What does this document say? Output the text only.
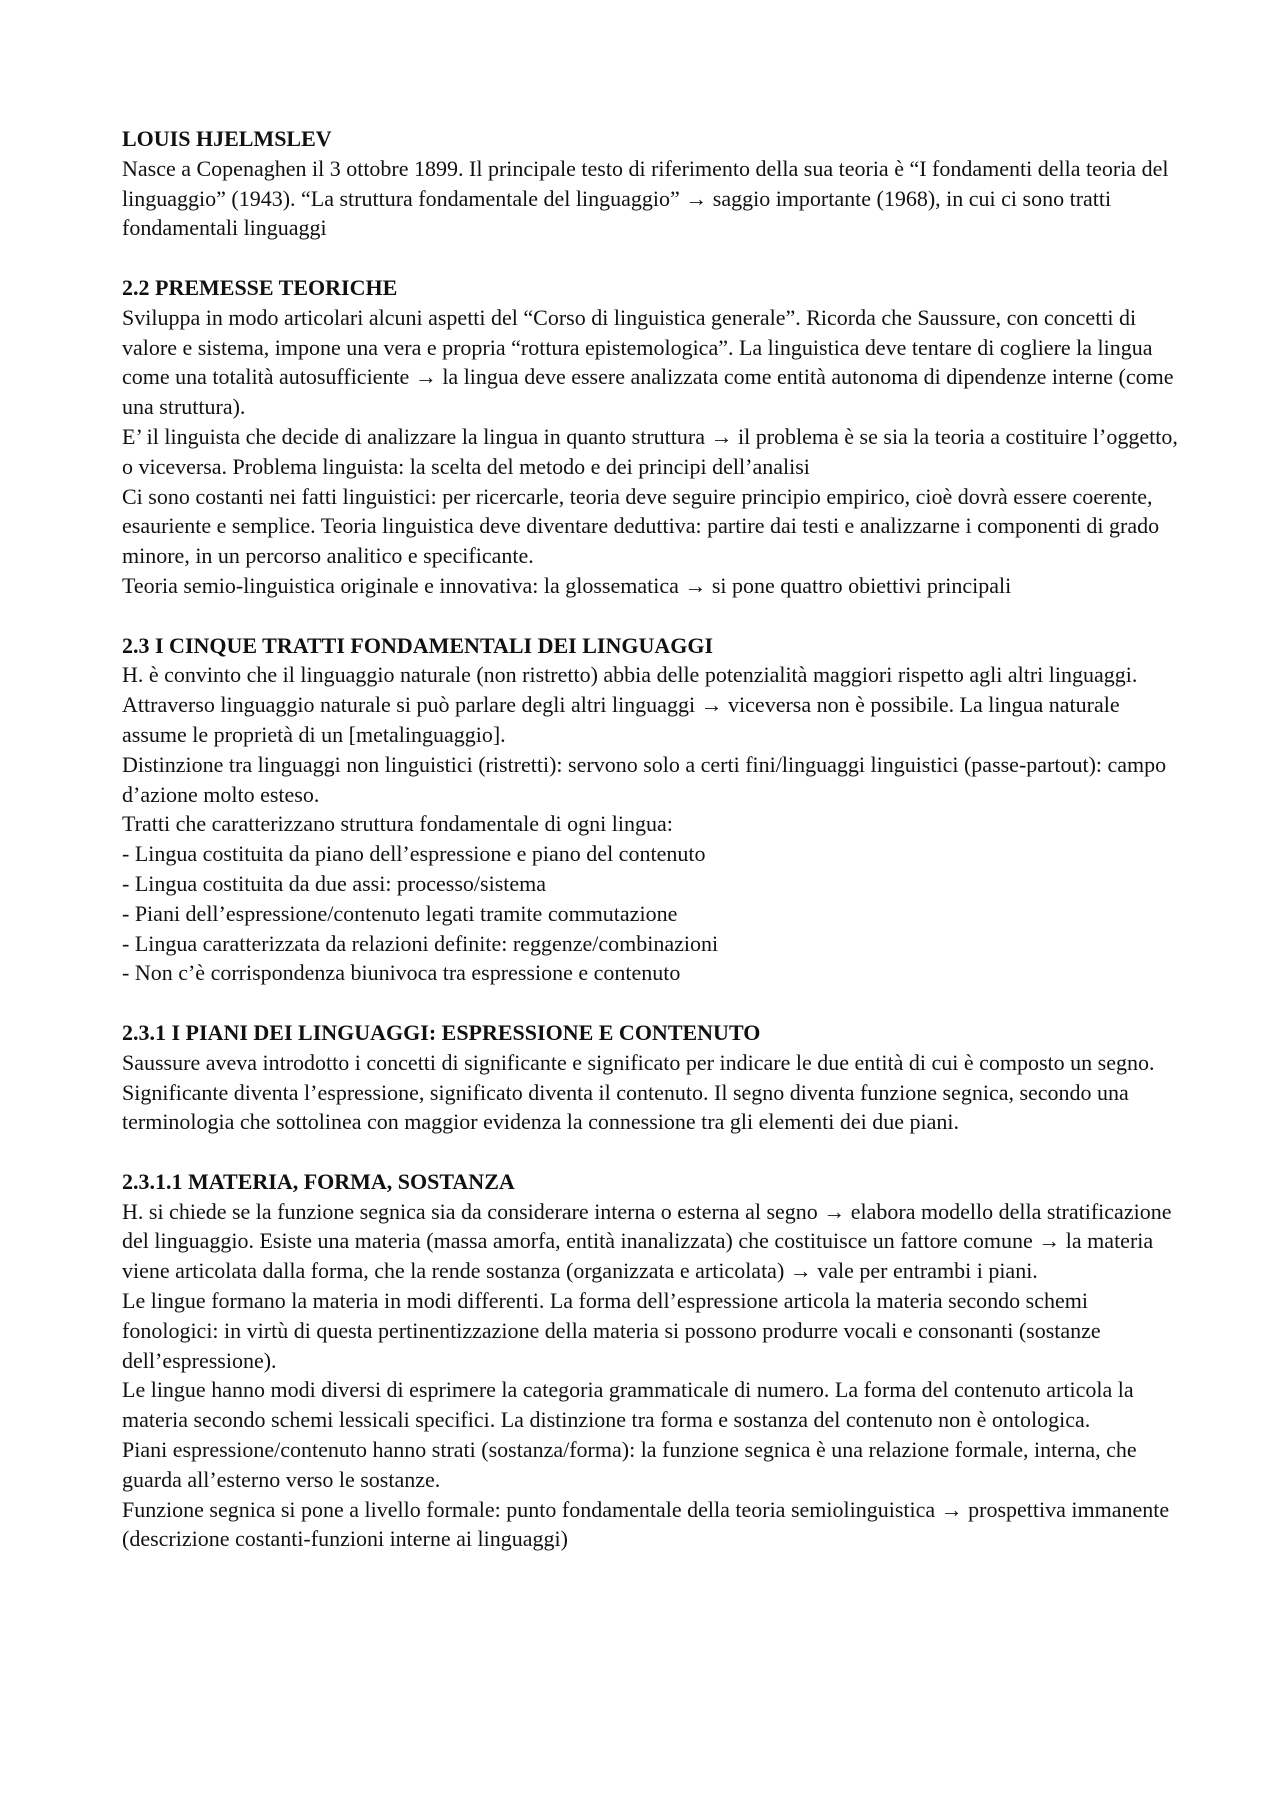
LOUIS HJELMSLEV

Nasce a Copenaghen il 3 ottobre 1899. Il principale testo di riferimento della sua teoria è “I fondamenti della teoria del linguaggio” (1943). “La struttura fondamentale del linguaggio” → saggio importante (1968), in cui ci sono tratti fondamentali linguaggi

2.2 PREMESSE TEORICHE

Sviluppa in modo articolari alcuni aspetti del “Corso di linguistica generale”. Ricorda che Saussure, con concetti di valore e sistema, impone una vera e propria “rottura epistemologica”. La linguistica deve tentare di cogliere la lingua come una totalità autosufficiente → la lingua deve essere analizzata come entità autonoma di dipendenze interne (come una struttura).

E’ il linguista che decide di analizzare la lingua in quanto struttura → il problema è se sia la teoria a costituire l’oggetto, o viceversa. Problema linguista: la scelta del metodo e dei principi dell’analisi

Ci sono costanti nei fatti linguistici: per ricercarle, teoria deve seguire principio empirico, cioè dovrà essere coerente, esauriente e semplice. Teoria linguistica deve diventare deduttiva: partire dai testi e analizzarne i componenti di grado minore, in un percorso analitico e specificante.

Teoria semio-linguistica originale e innovativa: la glossematica → si pone quattro obiettivi principali

2.3 I CINQUE TRATTI FONDAMENTALI DEI LINGUAGGI

H. è convinto che il linguaggio naturale (non ristretto) abbia delle potenzialità maggiori rispetto agli altri linguaggi. Attraverso linguaggio naturale si può parlare degli altri linguaggi → viceversa non è possibile. La lingua naturale assume le proprietà di un [metalinguaggio].

Distinzione tra linguaggi non linguistici (ristretti): servono solo a certi fini/linguaggi linguistici (passe-partout): campo d’azione molto esteso.

Tratti che caratterizzano struttura fondamentale di ogni lingua:

- Lingua costituita da piano dell’espressione e piano del contenuto

- Lingua costituita da due assi: processo/sistema

- Piani dell’espressione/contenuto legati tramite commutazione

- Lingua caratterizzata da relazioni definite: reggenze/combinazioni

- Non c’è corrispondenza biunivoca tra espressione e contenuto

2.3.1 I PIANI DEI LINGUAGGI: ESPRESSIONE E CONTENUTO

Saussure aveva introdotto i concetti di significante e significato per indicare le due entità di cui è composto un segno. Significante diventa l’espressione, significato diventa il contenuto. Il segno diventa funzione segnica, secondo una terminologia che sottolinea con maggior evidenza la connessione tra gli elementi dei due piani.

2.3.1.1 MATERIA, FORMA, SOSTANZA

H. si chiede se la funzione segnica sia da considerare interna o esterna al segno → elabora modello della stratificazione del linguaggio. Esiste una materia (massa amorfa, entità inanalizzata) che costituisce un fattore comune → la materia viene articolata dalla forma, che la rende sostanza (organizzata e articolata) → vale per entrambi i piani.

Le lingue formano la materia in modi differenti. La forma dell’espressione articola la materia secondo schemi fonologici: in virtù di questa pertinentizzazione della materia si possono produrre vocali e consonanti (sostanze dell’espressione).

Le lingue hanno modi diversi di esprimere la categoria grammaticale di numero. La forma del contenuto articola la materia secondo schemi lessicali specifici. La distinzione tra forma e sostanza del contenuto non è ontologica.

Piani espressione/contenuto hanno strati (sostanza/forma): la funzione segnica è una relazione formale, interna, che guarda all’esterno verso le sostanze.

Funzione segnica si pone a livello formale: punto fondamentale della teoria semiolinguistica → prospettiva immanente (descrizione costanti-funzioni interne ai linguaggi)
